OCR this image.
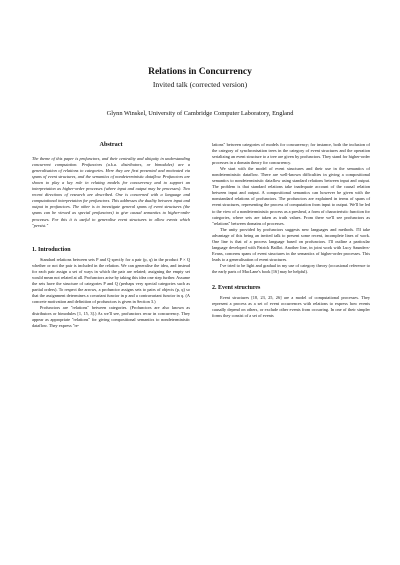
Relations in Concurrency
Invited talk (corrected version)
Glynn Winskel, University of Cambridge Computer Laboratory, England
Abstract
The theme of this paper is profunctors, and their centrality and ubiquity in understanding concurrent computation. Profunctors (a.k.a. distributors, or bimodules) are a generalisation of relations to categories. Here they are first presented and motivated via spans of event structures, and the semantics of nondeterministic dataflow. Profunctors are shown to play a key role in relating models for concurrency and to support an interpretation as higher-order processes (where input and output may be processes). Two recent directions of research are described. One is concerned with a language and computational interpretation for profunctors. This addresses the duality between input and output in profunctors. The other is to investigate general spans of event structures (the spans can be viewed as special profunctors) to give causal semantics to higher-order processes. For this it is useful to generalise event structures to allow events which "persist."
1. Introduction

Standard relations between sets P and Q specify for a pair (p, q) in the product P × Q whether or not the pair is included in the relation. We can generalise the idea, and instead for each pair assign a set of ways in which the pair are related; assigning the empty set would mean not related at all. Profunctors arise by taking this idea one step further. Assume the sets have the structure of categories P and Q (perhaps very special categories such as partial orders). To respect the arrows, a profunctor assigns sets to pairs of objects (p, q) so that the assignment determines a covariant functor in p and a contravariant functor in q. (A concrete motivation and definition of profunctors is given in Section 3.)

Profunctors are "relations" between categories. (Profunctors are also known as distributors or bimodules [1, 15, 3].) As we'll see, profunctors recur in concurrency. They appear as appropriate "relations" for giving compositional semantics to nondeterministic dataflow. They express "re-

lations" between categories of models for concurrency; for instance, both the inclusion of the category of synchronisation trees in the category of event structures and the operation serializing an event structure to a tree are given by profunctors. They stand for higher-order processes in a domain theory for concurrency.

We start with the model of event structures and their use in the semantics of nondeterministic dataflow. There are well-known difficulties in giving a compositional semantics to nondeterministic dataflow using standard relations between input and output. The problem is that standard relations take inadequate account of the causal relation between input and output. A compositional semantics can however be given with the nonstandard relations of profunctors. The profunctors are explained in terms of spans of event structures, representing the process of computation from input to output. We'll be led to the view of a nondeterministic process as a presheaf, a form of characteristic function for categories, where sets are taken as truth values. From there we'll see profunctors as "relations" between domains of processes.

The unity provided by profunctors suggests new languages and methods. I'll take advantage of this being an invited talk to present some recent, incomplete lines of work. One line is that of a process language based on profunctors. I'll outline a particular language developed with Patrick Baillot. Another line, in joint work with Lucy Saunders-Evans, concerns spans of event structures in the semantics of higher-order processes. This leads to a generalisation of event structures.

I've tried to be light and gradual in my use of category theory (occasional reference to the early parts of MacLane's book [16] may be helpful).

2. Event structures

Event structures [18, 23, 25, 26] are a model of computational processes. They represent a process as a set of event occurrences with relations to express how events causally depend on others, or exclude other events from occurring. In one of their simpler forms they consist of a set of events
